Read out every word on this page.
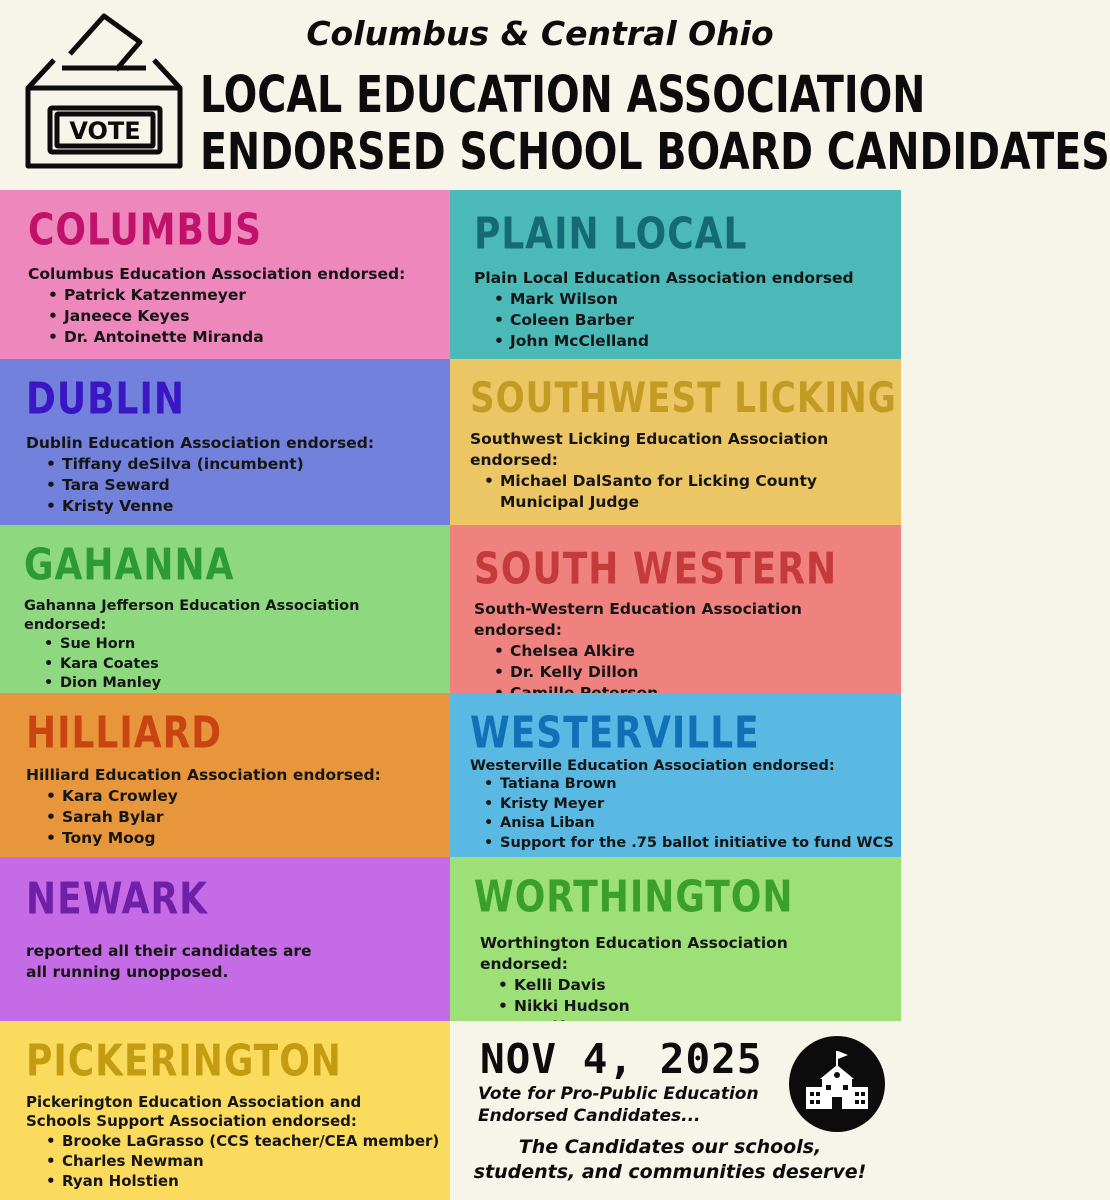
VOTE
Columbus & Central Ohio
LOCAL EDUCATION ASSOCIATION
ENDORSED SCHOOL BOARD CANDIDATES
COLUMBUS

Columbus Education Association endorsed:

• Patrick Katzenmeyer
• Janeece Keyes
• Dr. Antoinette Miranda
PLAIN LOCAL

Plain Local Education Association endorsed

• Mark Wilson
• Coleen Barber
• John McClelland
DUBLIN

Dublin Education Association endorsed:

• Tiffany deSilva (incumbent)
• Tara Seward
• Kristy Venne
SOUTHWEST LICKING

Southwest Licking Education Association endorsed:

• Michael DalSanto for Licking County Municipal Judge
GAHANNA

Gahanna Jefferson Education Association endorsed:

• Sue Horn
• Kara Coates
• Dion Manley
•
SOUTH WESTERN

South-Western Education Association endorsed:

• Chelsea Alkire
• Dr. Kelly Dillon
•
HILLIARD

Hilliard Education Association endorsed:

• Kara Crowley
• Sarah Bylar
• Tony Moog
WESTERVILLE

Westerville Education Association endorsed:

• Tatiana Brown
• Kristy Meyer
• Anisa Liban
• Support for the .75 ballot initiative to fund WCS
NEWARK

reported all their candidates are all running unopposed.

WORTHINGTON

Worthington Education Association endorsed:

• Kelli Davis
• Nikki Hudson
•
PICKERINGTON

Pickerington Education Association and Schools Support Association endorsed:

• Brooke LaGrasso (CCS teacher/CEA member)
• Charles Newman
• Ryan Holstien
NOV 4, 2025
Vote for Pro-Public Education
Endorsed Candidates...
The Candidates our schools, students, and communities deserve!
